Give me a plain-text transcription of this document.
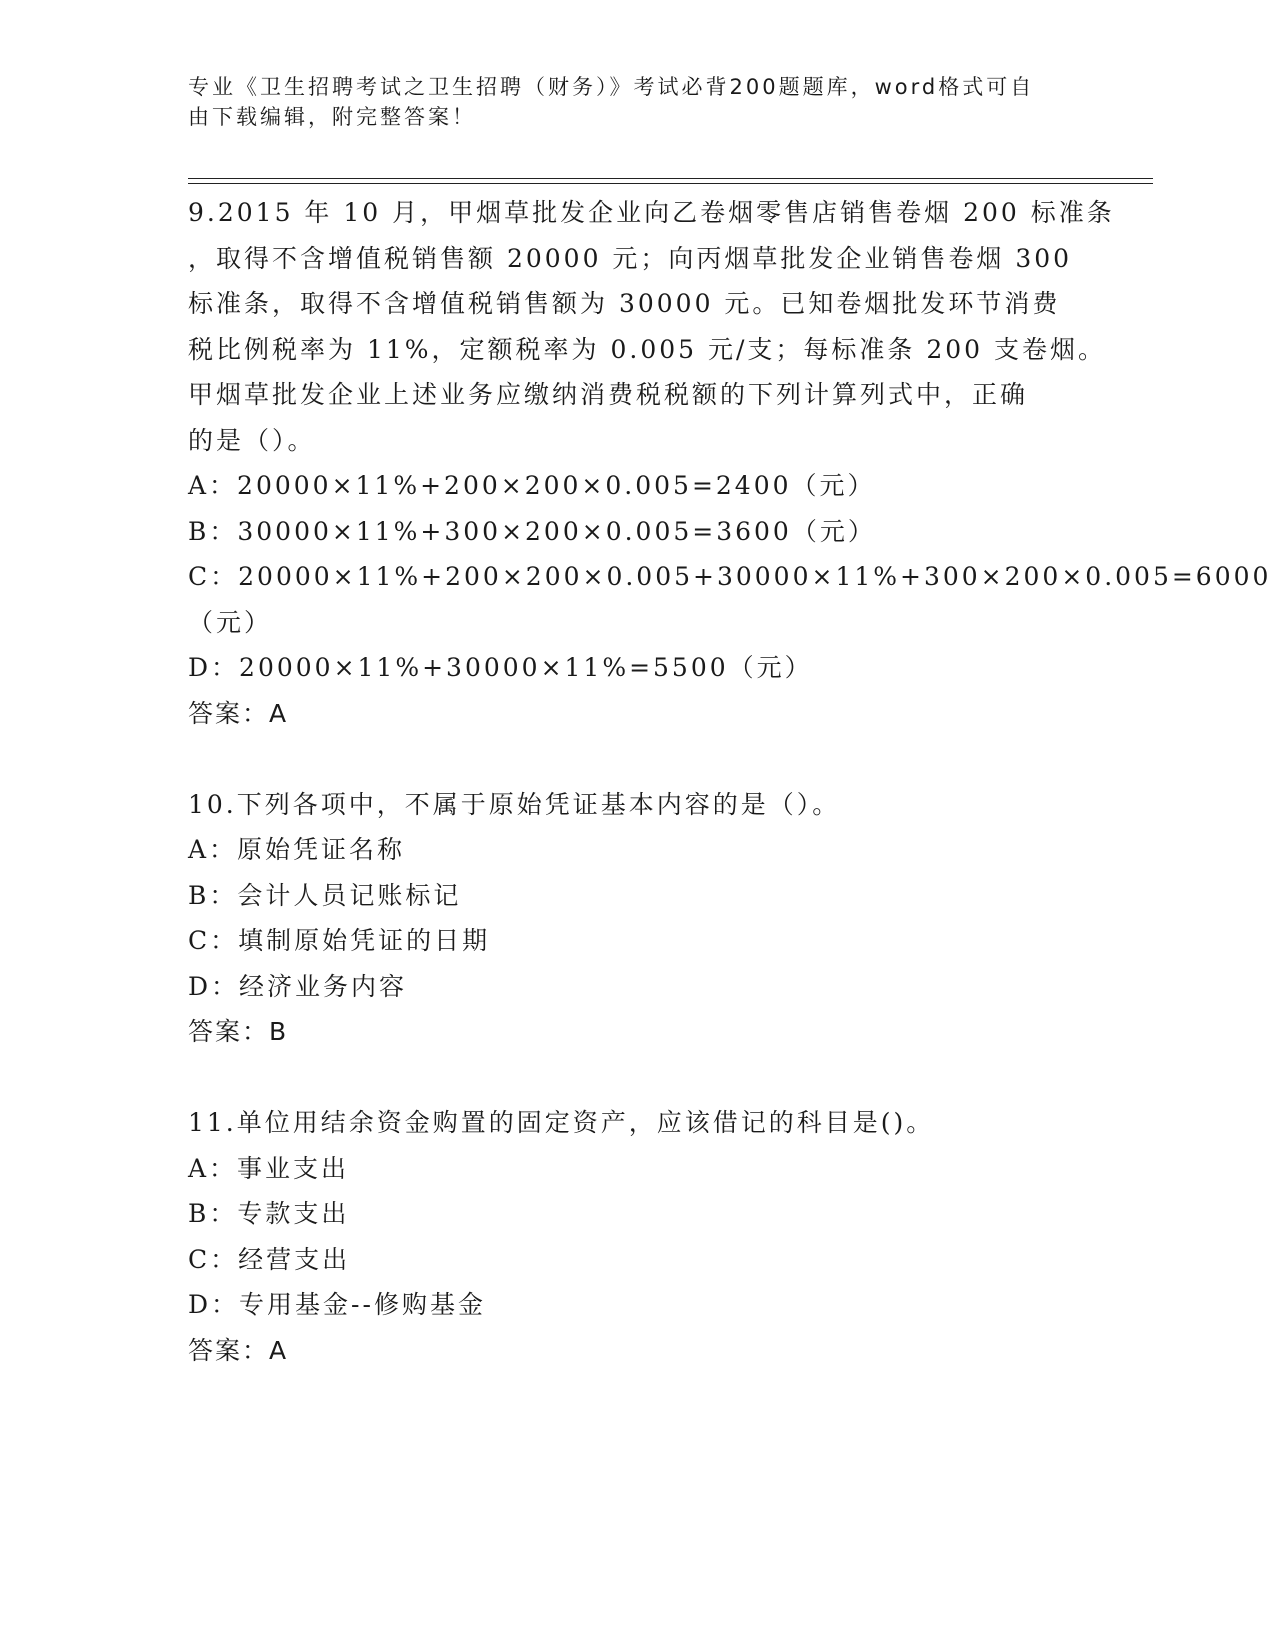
专业《卫生招聘考试之卫生招聘（财务）》考试必背200题题库，word格式可自
由下载编辑，附完整答案！
9.2015 年 10 月，甲烟草批发企业向乙卷烟零售店销售卷烟 200 标准条
，取得不含增值税销售额 20000 元；向丙烟草批发企业销售卷烟 300
标准条，取得不含增值税销售额为 30000 元。已知卷烟批发环节消费
税比例税率为 11%，定额税率为 0.005 元/支；每标准条 200 支卷烟。
甲烟草批发企业上述业务应缴纳消费税税额的下列计算列式中，正确
的是（）。
A：20000×11%+200×200×0.005=2400（元）
B：30000×11%+300×200×0.005=3600（元）
C：20000×11%+200×200×0.005+30000×11%+300×200×0.005=6000
（元）
D：20000×11%+30000×11%=5500（元）
答案：A
10.下列各项中，不属于原始凭证基本内容的是（）。
A：原始凭证名称
B：会计人员记账标记
C：填制原始凭证的日期
D：经济业务内容
答案：B
11.单位用结余资金购置的固定资产，应该借记的科目是()。
A：事业支出
B：专款支出
C：经营支出
D：专用基金--修购基金
答案：A
